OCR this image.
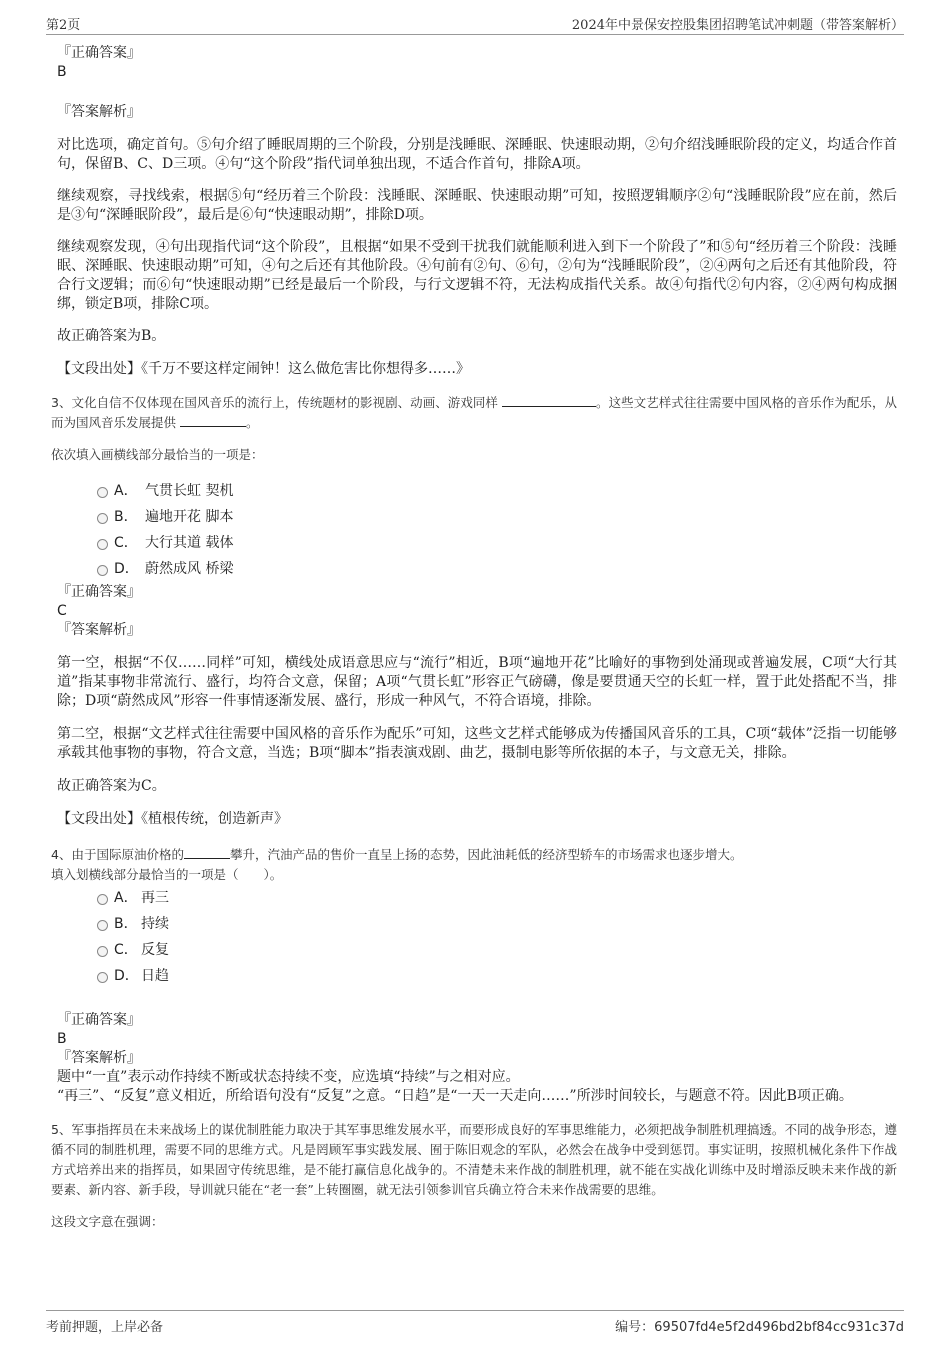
第2页	2024年中景保安控股集团招聘笔试冲刺题（带答案解析）

『正确答案』

B

『答案解析』

对比选项，确定首句。⑤句介绍了睡眠周期的三个阶段，分别是浅睡眠、深睡眠、快速眼动期，②句介绍浅睡眠阶段的定义，均适合作首句，保留B、C、D三项。④句“这个阶段”指代词单独出现，不适合作首句，排除A项。

继续观察，寻找线索，根据⑤句“经历着三个阶段：浅睡眠、深睡眠、快速眼动期”可知，按照逻辑顺序②句“浅睡眠阶段”应在前，然后是③句“深睡眠阶段”，最后是⑥句“快速眼动期”，排除D项。

继续观察发现，④句出现指代词“这个阶段”，且根据“如果不受到干扰我们就能顺利进入到下一个阶段了”和⑤句“经历着三个阶段：浅睡眠、深睡眠、快速眼动期”可知，④句之后还有其他阶段。④句前有②句、⑥句，②句为“浅睡眠阶段”，②④两句之后还有其他阶段，符合行文逻辑；而⑥句“快速眼动期”已经是最后一个阶段，与行文逻辑不符，无法构成指代关系。故④句指代②句内容，②④两句构成捆绑，锁定B项，排除C项。

故正确答案为B。

【文段出处】《千万不要这样定闹钟！这么做危害比你想得多……》

3、文化自信不仅体现在国风音乐的流行上，传统题材的影视剧、动画、游戏同样	。这些文艺样式往往需要中国风格的音乐作为配乐，从而为国风音乐发展提供	。

依次填入画横线部分最恰当的一项是：

A． 气贯长虹 契机
B． 遍地开花 脚本
C． 大行其道 载体
D． 蔚然成风 桥梁

『正确答案』

C

『答案解析』

第一空，根据“不仅……同样”可知，横线处成语意思应与“流行”相近，B项“遍地开花”比喻好的事物到处涌现或普遍发展，C项“大行其道”指某事物非常流行、盛行，均符合文意，保留；A项“气贯长虹”形容正气磅礴，像是要贯通天空的长虹一样，置于此处搭配不当，排除；D项“蔚然成风”形容一件事情逐渐发展、盛行，形成一种风气，不符合语境，排除。

第二空，根据“文艺样式往往需要中国风格的音乐作为配乐”可知，这些文艺样式能够成为传播国风音乐的工具，C项“载体”泛指一切能够承载其他事物的事物，符合文意，当选；B项“脚本”指表演戏剧、曲艺，摄制电影等所依据的本子，与文意无关，排除。

故正确答案为C。

【文段出处】《植根传统，创造新声》

4、由于国际原油价格的	攀升，汽油产品的售价一直呈上扬的态势，因此油耗低的经济型轿车的市场需求也逐步增大。

填入划横线部分最恰当的一项是（　　）。

A． 再三
B． 持续
C． 反复
D． 日趋

『正确答案』

B

『答案解析』

题中“一直”表示动作持续不断或状态持续不变，应选填“持续”与之相对应。

“再三”、“反复”意义相近，所给语句没有“反复”之意。“日趋”是“一天一天走向……”所涉时间较长，与题意不符。因此B项正确。

5、军事指挥员在未来战场上的谋优制胜能力取决于其军事思维发展水平，而要形成良好的军事思维能力，必须把战争制胜机理搞透。不同的战争形态，遵循不同的制胜机理，需要不同的思维方式。凡是罔顾军事实践发展、囿于陈旧观念的军队，必然会在战争中受到惩罚。事实证明，按照机械化条件下作战方式培养出来的指挥员，如果固守传统思维，是不能打赢信息化战争的。不清楚未来作战的制胜机理，就不能在实战化训练中及时增添反映未来作战的新要素、新内容、新手段，导训就只能在“老一套”上转圈圈，就无法引领参训官兵确立符合未来作战需要的思维。

这段文字意在强调：

考前押题，上岸必备	编号：69507fd4e5f2d496bd2bf84cc931c37d
